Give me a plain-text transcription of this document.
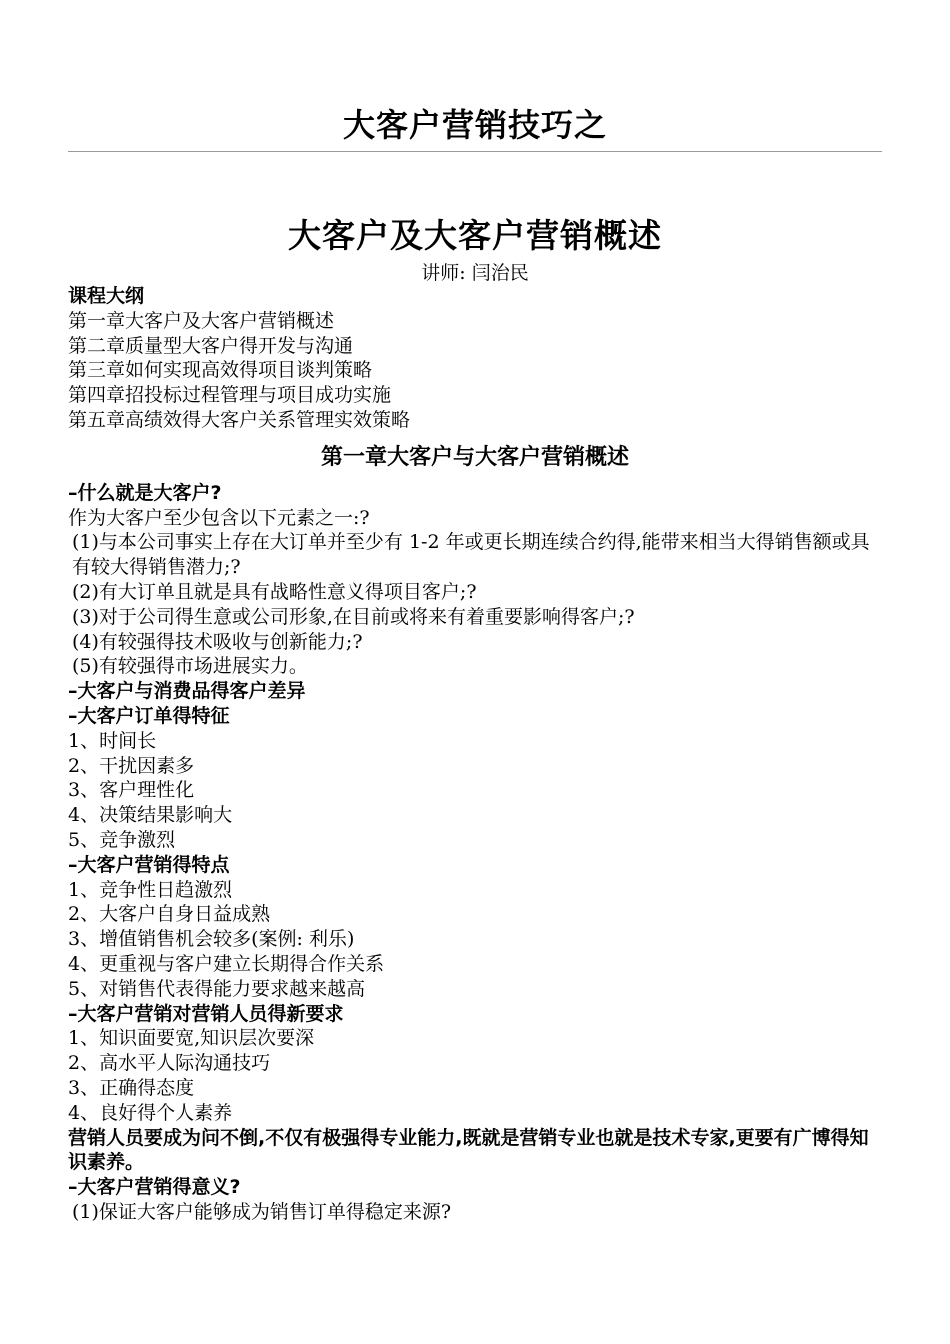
大客户营销技巧之
大客户及大客户营销概述
讲师: 闫治民
课程大纲
第一章大客户及大客户营销概述
第二章质量型大客户得开发与沟通
第三章如何实现高效得项目谈判策略
第四章招投标过程管理与项目成功实施
第五章高绩效得大客户关系管理实效策略
第一章大客户与大客户营销概述
–什么就是大客户?
作为大客户至少包含以下元素之一:?
(1)与本公司事实上存在大订单并至少有 1-2 年或更长期连续合约得,能带来相当大得销售额或具有较大得销售潜力;?
(2)有大订单且就是具有战略性意义得项目客户;?
(3)对于公司得生意或公司形象,在目前或将来有着重要影响得客户;?
(4)有较强得技术吸收与创新能力;?
(5)有较强得市场进展实力。
–大客户与消费品得客户差异
–大客户订单得特征
1、时间长
2、干扰因素多
3、客户理性化
4、决策结果影响大
5、竞争激烈
–大客户营销得特点
1、竞争性日趋激烈
2、大客户自身日益成熟
3、增值销售机会较多(案例: 利乐)
4、更重视与客户建立长期得合作关系
5、对销售代表得能力要求越来越高
–大客户营销对营销人员得新要求
1、知识面要宽,知识层次要深
2、高水平人际沟通技巧
3、正确得态度
4、良好得个人素养
营销人员要成为问不倒,不仅有极强得专业能力,既就是营销专业也就是技术专家,更要有广博得知识素养。
–大客户营销得意义?
(1)保证大客户能够成为销售订单得稳定来源?
